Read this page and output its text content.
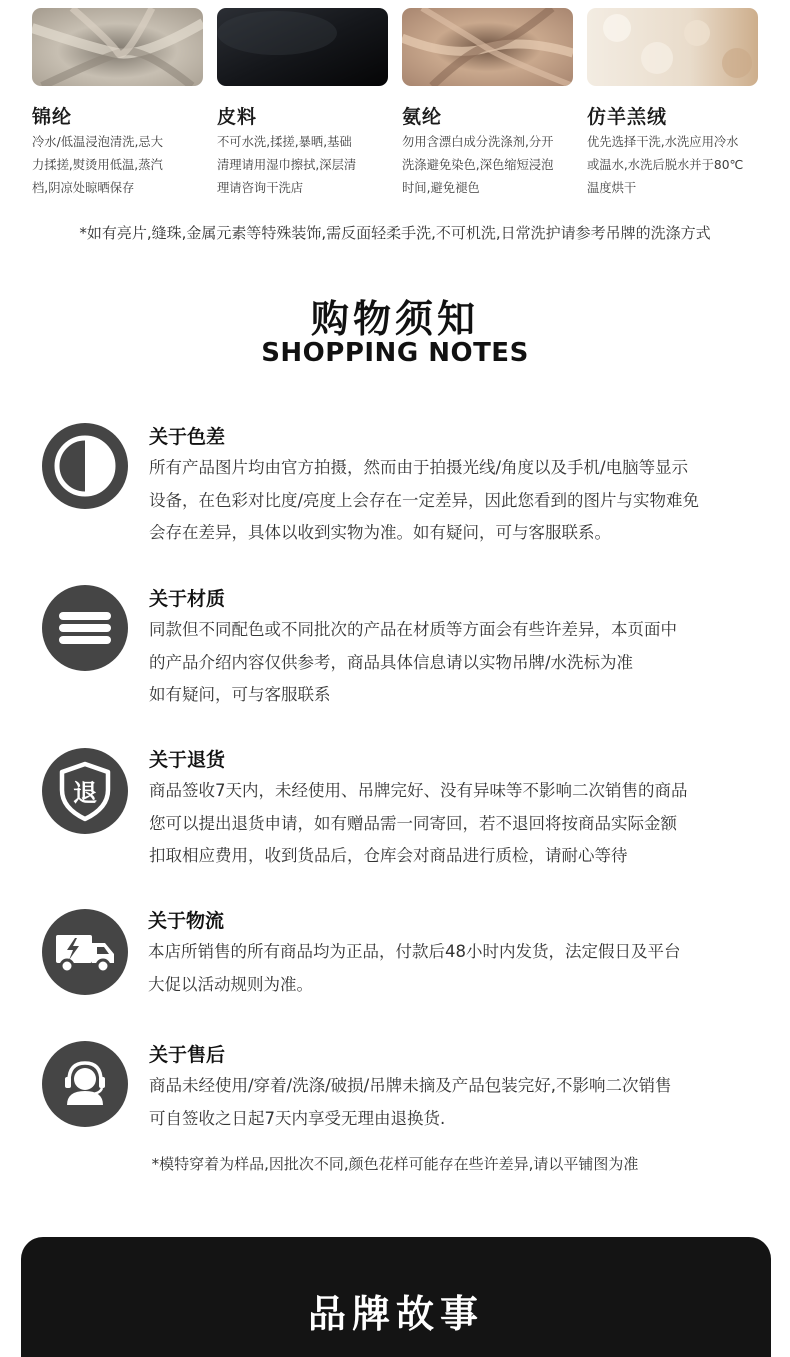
锦纶
冷水/低温浸泡清洗,忌大
力揉搓,熨烫用低温,蒸汽
档,阴凉处晾晒保存
皮料
不可水洗,揉搓,暴晒,基础
清理请用湿巾擦拭,深层清
理请咨询干洗店
氨纶
勿用含漂白成分洗涤剂,分开
洗涤避免染色,深色缩短浸泡
时间,避免褪色
仿羊羔绒
优先选择干洗,水洗应用冷水
或温水,水洗后脱水并于80℃
温度烘干
*如有亮片,缝珠,金属元素等特殊装饰,需反面轻柔手洗,不可机洗,日常洗护请参考吊牌的洗涤方式
购物须知
SHOPPING NOTES
关于色差
所有产品图片均由官方拍摄，然而由于拍摄光线/角度以及手机/电脑等显示
设备，在色彩对比度/亮度上会存在一定差异，因此您看到的图片与实物难免
会存在差异，具体以收到实物为准。如有疑问，可与客服联系。
关于材质
同款但不同配色或不同批次的产品在材质等方面会有些许差异，本页面中
的产品介绍内容仅供参考，商品具体信息请以实物吊牌/水洗标为准
如有疑问，可与客服联系
退
关于退货
商品签收7天内，未经使用、吊牌完好、没有异味等不影响二次销售的商品
您可以提出退货申请，如有赠品需一同寄回，若不退回将按商品实际金额
扣取相应费用，收到货品后，仓库会对商品进行质检，请耐心等待
关于物流
本店所销售的所有商品均为正品，付款后48小时内发货，法定假日及平台
大促以活动规则为准。
关于售后
商品未经使用/穿着/洗涤/破损/吊牌未摘及产品包装完好,不影响二次销售
可自签收之日起7天内享受无理由退换货.
*模特穿着为样品,因批次不同,颜色花样可能存在些许差异,请以平铺图为准
品牌故事
